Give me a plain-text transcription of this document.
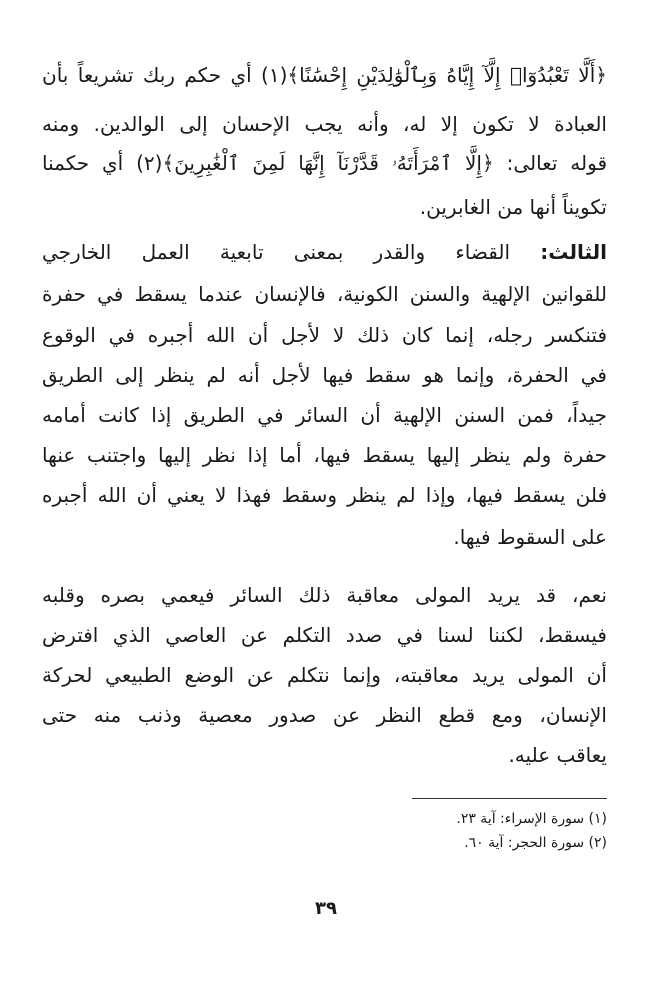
﴿أَلَّا تَعْبُدُوٓا۟ إِلَّآ إِيَّاهُ وَبِٱلْوَٰلِدَيْنِ إِحْسَٰنًا﴾(١) أي حكم ربك تشريعاً بأن
العبادة لا تكون إلا له، وأنه يجب الإحسان إلى الوالدين. ومنه
قوله تعالى: ﴿إِلَّا ٱمْرَأَتَهُۥ قَدَّرْنَآ إِنَّهَا لَمِنَ ٱلْغَٰبِرِينَ﴾(٢) أي حكمنا
تكويناً أنها من الغابرين.
الثالث: القضاء والقدر بمعنى تابعية العمل الخارجي
للقوانين الإلهية والسنن الكونية، فالإنسان عندما يسقط في حفرة
فتنكسر رجله، إنما كان ذلك لا لأجل أن الله أجبره في الوقوع
في الحفرة، وإنما هو سقط فيها لأجل أنه لم ينظر إلى الطريق
جيداً، فمن السنن الإلهية أن السائر في الطريق إذا كانت أمامه
حفرة ولم ينظر إليها يسقط فيها، أما إذا نظر إليها واجتنب عنها
فلن يسقط فيها، وإذا لم ينظر وسقط فهذا لا يعني أن الله أجبره
على السقوط فيها.
نعم، قد يريد المولى معاقبة ذلك السائر فيعمي بصره وقلبه
فيسقط، لكننا لسنا في صدد التكلم عن العاصي الذي افترض
أن المولى يريد معاقبته، وإنما نتكلم عن الوضع الطبيعي لحركة
الإنسان، ومع قطع النظر عن صدور معصية وذنب منه حتى
يعاقب عليه.
(١) سورة الإسراء: آية ٢٣.
(٢) سورة الحجر: آية ٦٠.
٣٩
